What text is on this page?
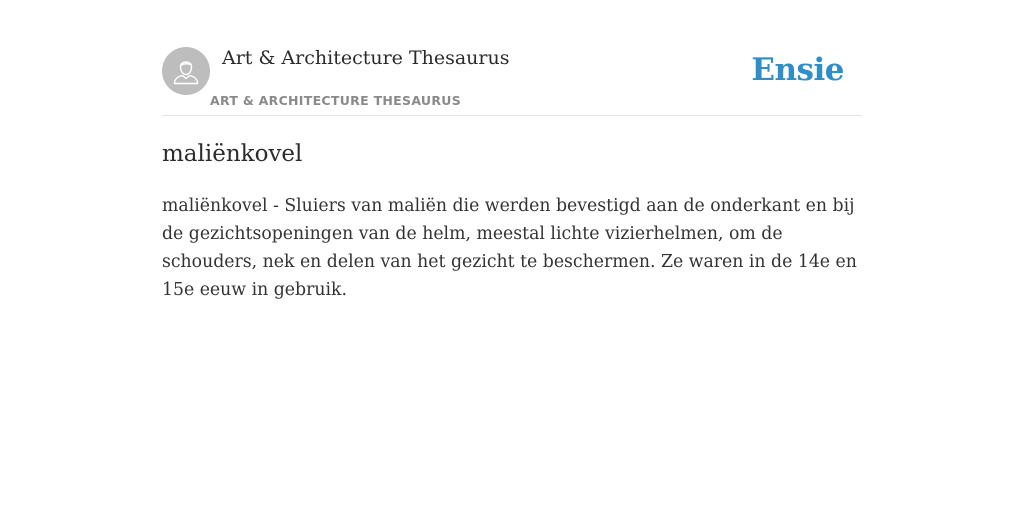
Art & Architecture Thesaurus
ART & ARCHITECTURE THESAURUS
Ensie
maliënkovel

maliënkovel - Sluiers van maliën die werden bevestigd aan de onderkant en bij de gezichtsopeningen van de helm, meestal lichte vizierhelmen, om de schouders, nek en delen van het gezicht te beschermen. Ze waren in de 14e en 15e eeuw in gebruik.
